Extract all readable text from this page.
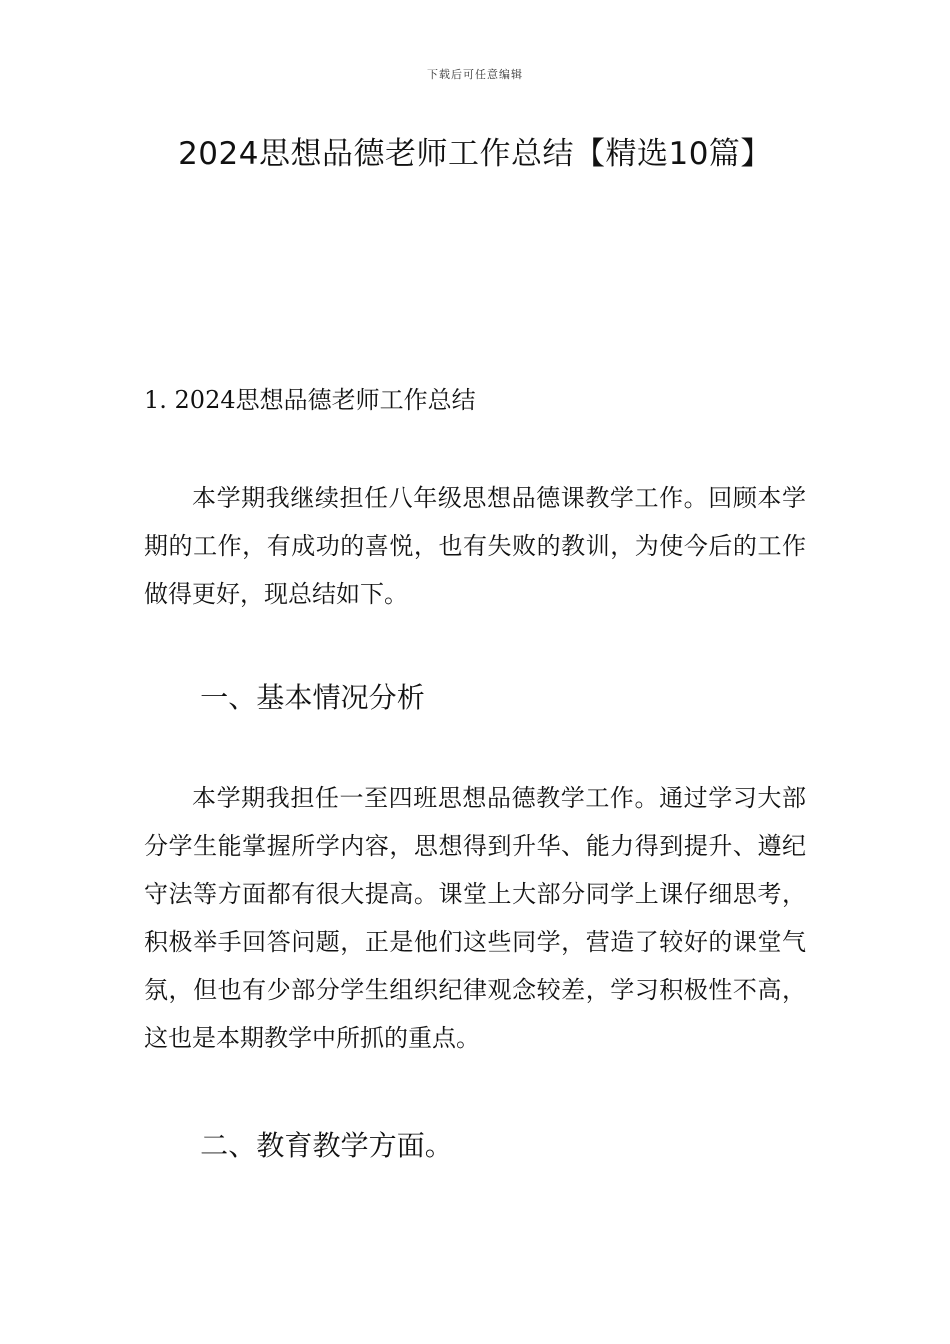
下载后可任意编辑
2024思想品德老师工作总结【精选10篇】
1. 2024思想品德老师工作总结

本学期我继续担任八年级思想品德课教学工作。回顾本学期的工作，有成功的喜悦，也有失败的教训，为使今后的工作做得更好，现总结如下。

一、基本情况分析

本学期我担任一至四班思想品德教学工作。通过学习大部分学生能掌握所学内容，思想得到升华、能力得到提升、遵纪守法等方面都有很大提高。课堂上大部分同学上课仔细思考，积极举手回答问题，正是他们这些同学，营造了较好的课堂气氛，但也有少部分学生组织纪律观念较差，学习积极性不高，这也是本期教学中所抓的重点。

二、教育教学方面。
